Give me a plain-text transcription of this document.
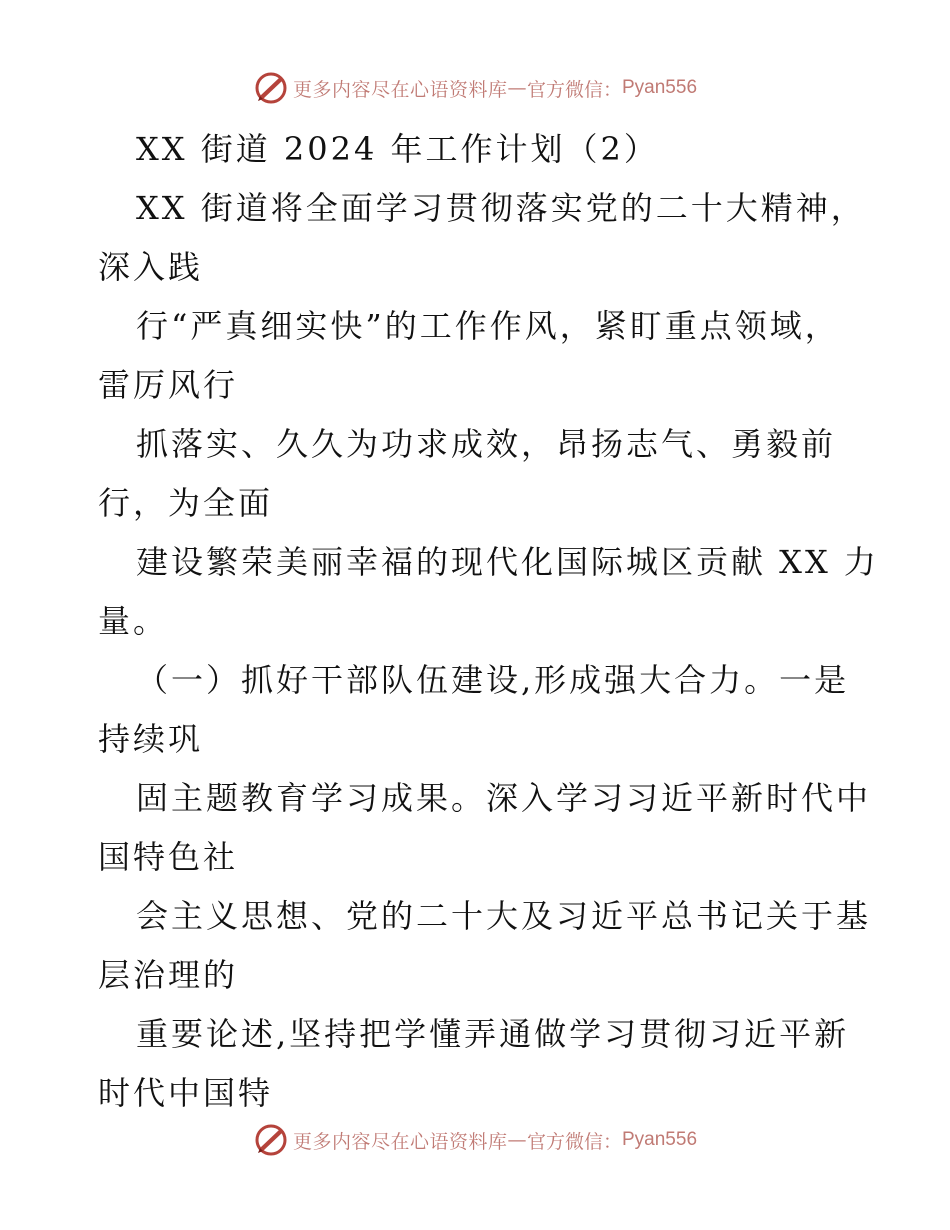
更多内容尽在心语资料库 — 官方微信： Pyan556
XX 街道 2024 年工作计划（2）
XX 街道将全面学习贯彻落实党的二十大精神，
深入践
行“严真细实快”的工作作风，紧盯重点领域，
雷厉风行
抓落实、久久为功求成效，昂扬志气、勇毅前
行，为全面
建设繁荣美丽幸福的现代化国际城区贡献 XX 力
量。
（一）抓好干部队伍建设,形成强大合力。一是
持续巩
固主题教育学习成果。深入学习习近平新时代中
国特色社
会主义思想、党的二十大及习近平总书记关于基
层治理的
重要论述,坚持把学懂弄通做学习贯彻习近平新
时代中国特
更多内容尽在心语资料库 — 官方微信： Pyan556
